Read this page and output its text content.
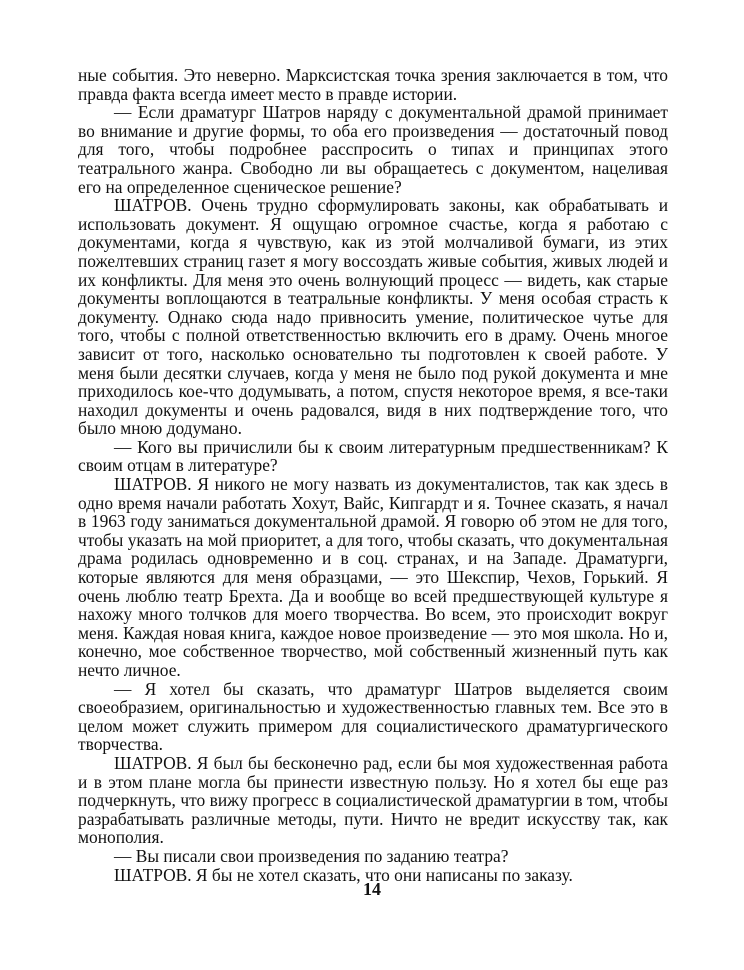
ные события. Это неверно. Марксистская точка зрения заключается в том, что правда факта всегда имеет место в правде истории.

— Если драматург Шатров наряду с документальной драмой принимает во внимание и другие формы, то оба его произведения — достаточный повод для того, чтобы подробнее расспросить о типах и принципах этого театрального жанра. Свободно ли вы обращаетесь с документом, нацеливая его на определенное сценическое решение?

ШАТРОВ. Очень трудно сформулировать законы, как обрабатывать и использовать документ. Я ощущаю огромное счастье, когда я работаю с документами, когда я чувствую, как из этой молчаливой бумаги, из этих пожелтевших страниц газет я могу воссоздать живые события, живых людей и их конфликты. Для меня это очень волнующий процесс — видеть, как старые документы воплощаются в театральные конфликты. У меня особая страсть к документу. Однако сюда надо привносить умение, политическое чутье для того, чтобы с полной ответственностью включить его в драму. Очень многое зависит от того, насколько основательно ты подготовлен к своей работе. У меня были десятки случаев, когда у меня не было под рукой документа и мне приходилось кое-что додумывать, а потом, спустя некоторое время, я все-таки находил документы и очень радовался, видя в них подтверждение того, что было мною додумано.

— Кого вы причислили бы к своим литературным предшественникам? К своим отцам в литературе?

ШАТРОВ. Я никого не могу назвать из документалистов, так как здесь в одно время начали работать Хохут, Вайс, Кипгардт и я. Точнее сказать, я начал в 1963 году заниматься документальной драмой. Я говорю об этом не для того, чтобы указать на мой приоритет, а для того, чтобы сказать, что документальная драма родилась одновременно и в соц. странах, и на Западе. Драматурги, которые являются для меня образцами, — это Шекспир, Чехов, Горький. Я очень люблю театр Брехта. Да и вообще во всей предшествующей культуре я нахожу много толчков для моего творчества. Во всем, это происходит вокруг меня. Каждая новая книга, каждое новое произведение — это моя школа. Но и, конечно, мое собственное творчество, мой собственный жизненный путь как нечто личное.

— Я хотел бы сказать, что драматург Шатров выделяется своим своеобразием, оригинальностью и художественностью главных тем. Все это в целом может служить примером для социалистического драматургического творчества.

ШАТРОВ. Я был бы бесконечно рад, если бы моя художественная работа и в этом плане могла бы принести известную пользу. Но я хотел бы еще раз подчеркнуть, что вижу прогресс в социалистической драматургии в том, чтобы разрабатывать различные методы, пути. Ничто не вредит искусству так, как монополия.

— Вы писали свои произведения по заданию театра?

ШАТРОВ. Я бы не хотел сказать, что они написаны по заказу.

14
